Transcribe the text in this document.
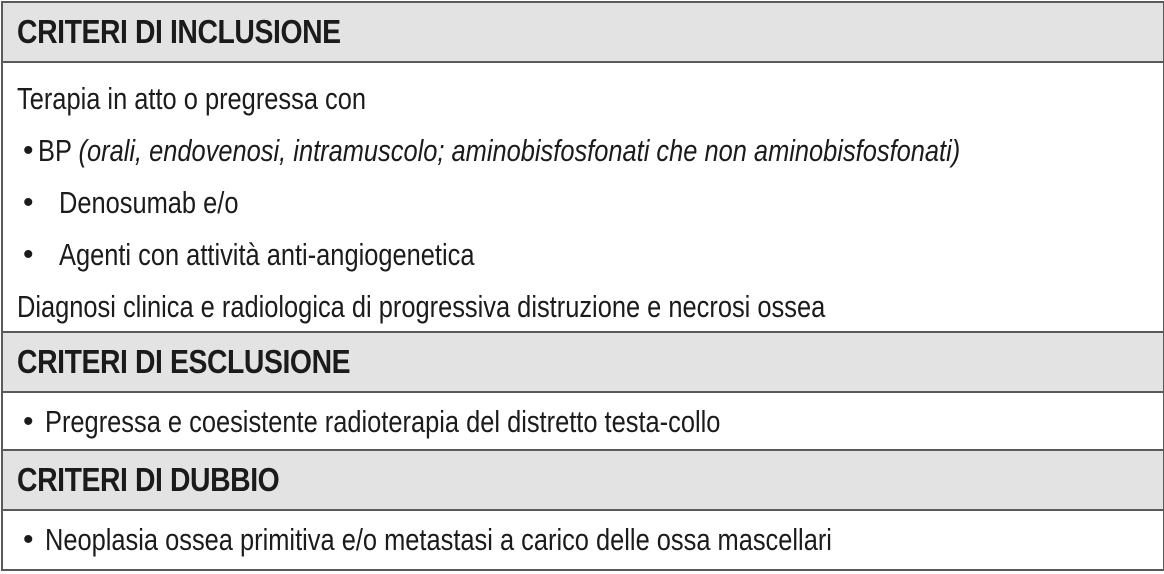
CRITERI DI INCLUSIONE
Terapia in atto o pregressa con
• BP (orali, endovenosi, intramuscolo; aminobisfosfonati che non aminobisfosfonati)
• Denosumab e/o
• Agenti con attività anti-angiogenetica
Diagnosi clinica e radiologica di progressiva distruzione e necrosi ossea
CRITERI DI ESCLUSIONE
• Pregressa e coesistente radioterapia del distretto testa-collo
CRITERI DI DUBBIO
• Neoplasia ossea primitiva e/o metastasi a carico delle ossa mascellari
